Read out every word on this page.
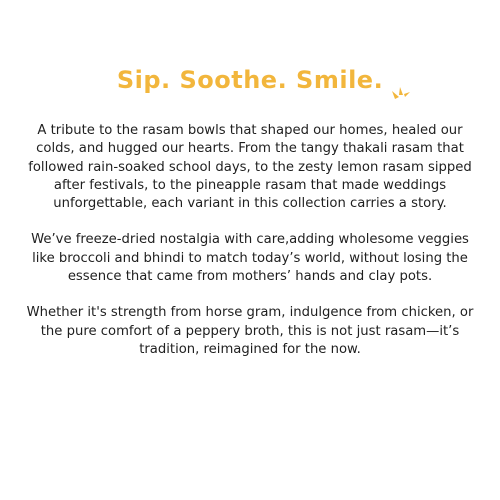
Sip. Soothe. Smile.

A tribute to the rasam bowls that shaped our homes, healed our colds, and hugged our hearts. From the tangy thakali rasam that followed rain-soaked school days, to the zesty lemon rasam sipped after festivals, to the pineapple rasam that made weddings unforgettable, each variant in this collection carries a story.

We’ve freeze-dried nostalgia with care,adding wholesome veggies like broccoli and bhindi to match today’s world, without losing the essence that came from mothers’ hands and clay pots.

Whether it's strength from horse gram, indulgence from chicken, or the pure comfort of a peppery broth, this is not just rasam—it’s tradition, reimagined for the now.
